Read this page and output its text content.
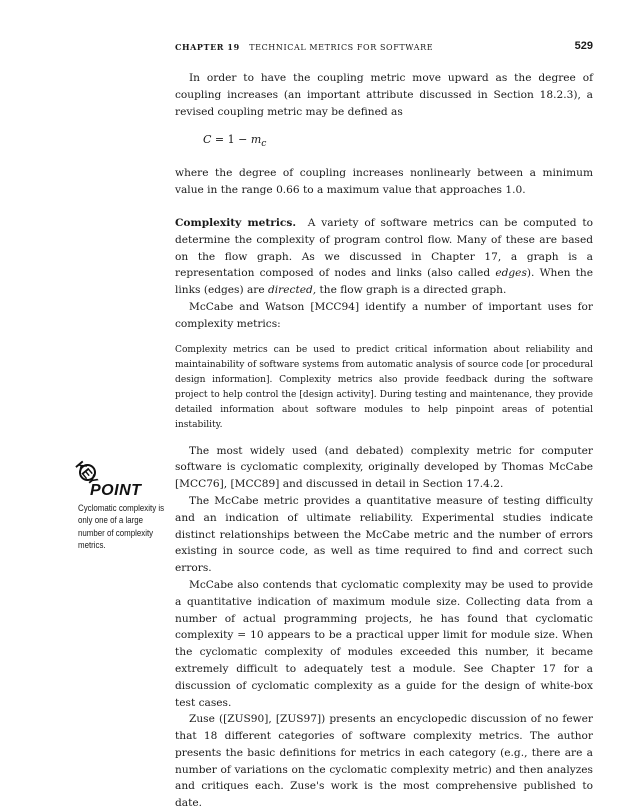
CHAPTER 19 TECHNICAL METRICS FOR SOFTWARE	529
KEY
POINT
Cyclomatic complexity is only one of a large number of complexity metrics.

In order to have the coupling metric move upward as the degree of coupling increases (an important attribute discussed in Section 18.2.3), a revised coupling metric may be defined as

$C = 1 - m_c$

where the degree of coupling increases nonlinearly between a minimum value in the range 0.66 to a maximum value that approaches 1.0.

Complexity metrics. A variety of software metrics can be computed to determine the complexity of program control flow. Many of these are based on the flow graph. As we discussed in Chapter 17, a graph is a representation composed of nodes and links (also called edges). When the links (edges) are directed, the flow graph is a directed graph.

McCabe and Watson [MCC94] identify a number of important uses for complexity metrics:

Complexity metrics can be used to predict critical information about reliability and maintainability of software systems from automatic analysis of source code [or procedural design information]. Complexity metrics also provide feedback during the software project to help control the [design activity]. During testing and maintenance, they provide detailed information about software modules to help pinpoint areas of potential instability.

The most widely used (and debated) complexity metric for computer software is cyclomatic complexity, originally developed by Thomas McCabe [MCC76], [MCC89] and discussed in detail in Section 17.4.2.

The McCabe metric provides a quantitative measure of testing difficulty and an indication of ultimate reliability. Experimental studies indicate distinct relationships between the McCabe metric and the number of errors existing in source code, as well as time required to find and correct such errors.

McCabe also contends that cyclomatic complexity may be used to provide a quantitative indication of maximum module size. Collecting data from a number of actual programming projects, he has found that cyclomatic complexity = 10 appears to be a practical upper limit for module size. When the cyclomatic complexity of modules exceeded this number, it became extremely difficult to adequately test a module. See Chapter 17 for a discussion of cyclomatic complexity as a guide for the design of white-box test cases.

Zuse ([ZUS90], [ZUS97]) presents an encyclopedic discussion of no fewer that 18 different categories of software complexity metrics. The author presents the basic definitions for metrics in each category (e.g., there are a number of variations on the cyclomatic complexity metric) and then analyzes and critiques each. Zuse's work is the most comprehensive published to date.
